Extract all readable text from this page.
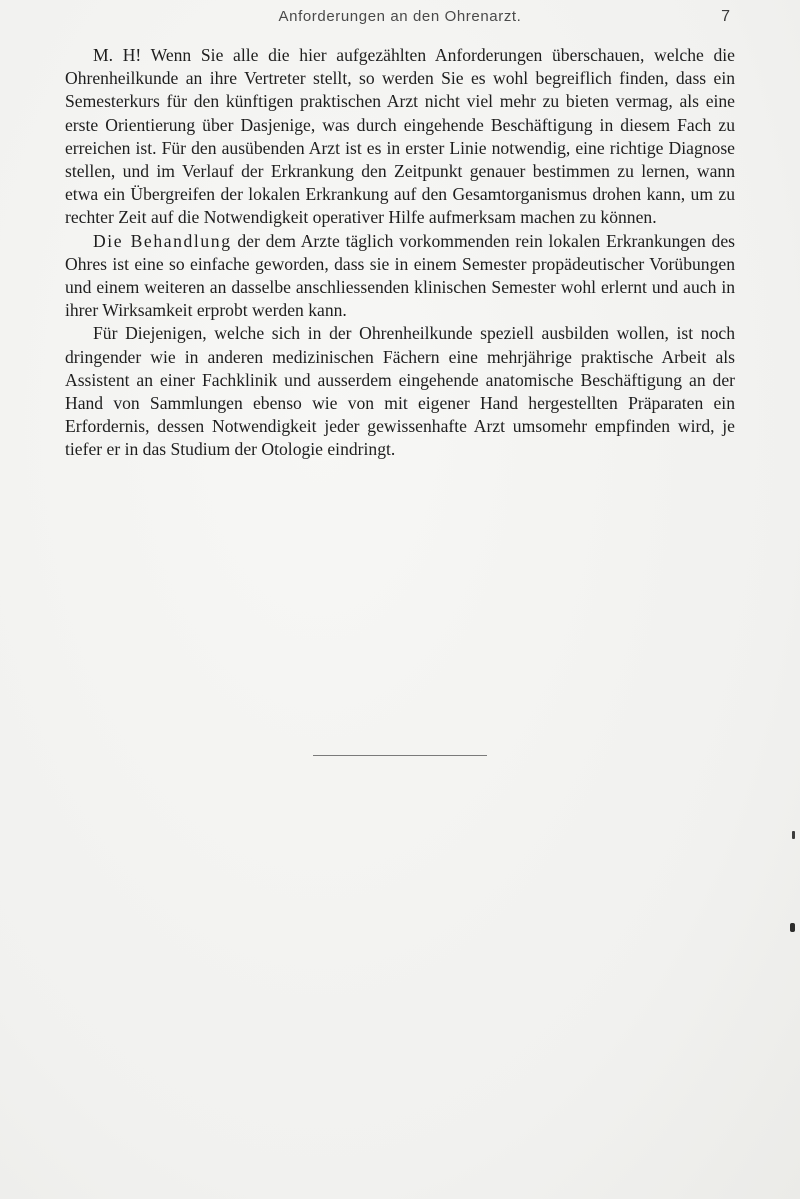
Anforderungen an den Ohrenarzt.	7

M. H! Wenn Sie alle die hier aufgezählten Anforderungen überschauen, welche die Ohrenheilkunde an ihre Vertreter stellt, so werden Sie es wohl begreiflich finden, dass ein Semesterkurs für den künftigen praktischen Arzt nicht viel mehr zu bieten vermag, als eine erste Orientierung über Dasjenige, was durch eingehende Beschäftigung in diesem Fach zu erreichen ist. Für den ausübenden Arzt ist es in erster Linie notwendig, eine richtige Diagnose stellen, und im Verlauf der Erkrankung den Zeitpunkt genauer bestimmen zu lernen, wann etwa ein Übergreifen der lokalen Erkrankung auf den Gesamtorganismus drohen kann, um zu rechter Zeit auf die Notwendigkeit operativer Hilfe aufmerksam machen zu können.

Die Behandlung der dem Arzte täglich vorkommenden rein lokalen Erkrankungen des Ohres ist eine so einfache geworden, dass sie in einem Semester propädeutischer Vorübungen und einem weiteren an dasselbe anschliessenden klinischen Semester wohl erlernt und auch in ihrer Wirksamkeit erprobt werden kann.

Für Diejenigen, welche sich in der Ohrenheilkunde speziell ausbilden wollen, ist noch dringender wie in anderen medizinischen Fächern eine mehrjährige praktische Arbeit als Assistent an einer Fachklinik und ausserdem eingehende anatomische Beschäftigung an der Hand von Sammlungen ebenso wie von mit eigener Hand hergestellten Präparaten ein Erfordernis, dessen Notwendigkeit jeder gewissenhafte Arzt umsomehr empfinden wird, je tiefer er in das Studium der Otologie eindringt.
